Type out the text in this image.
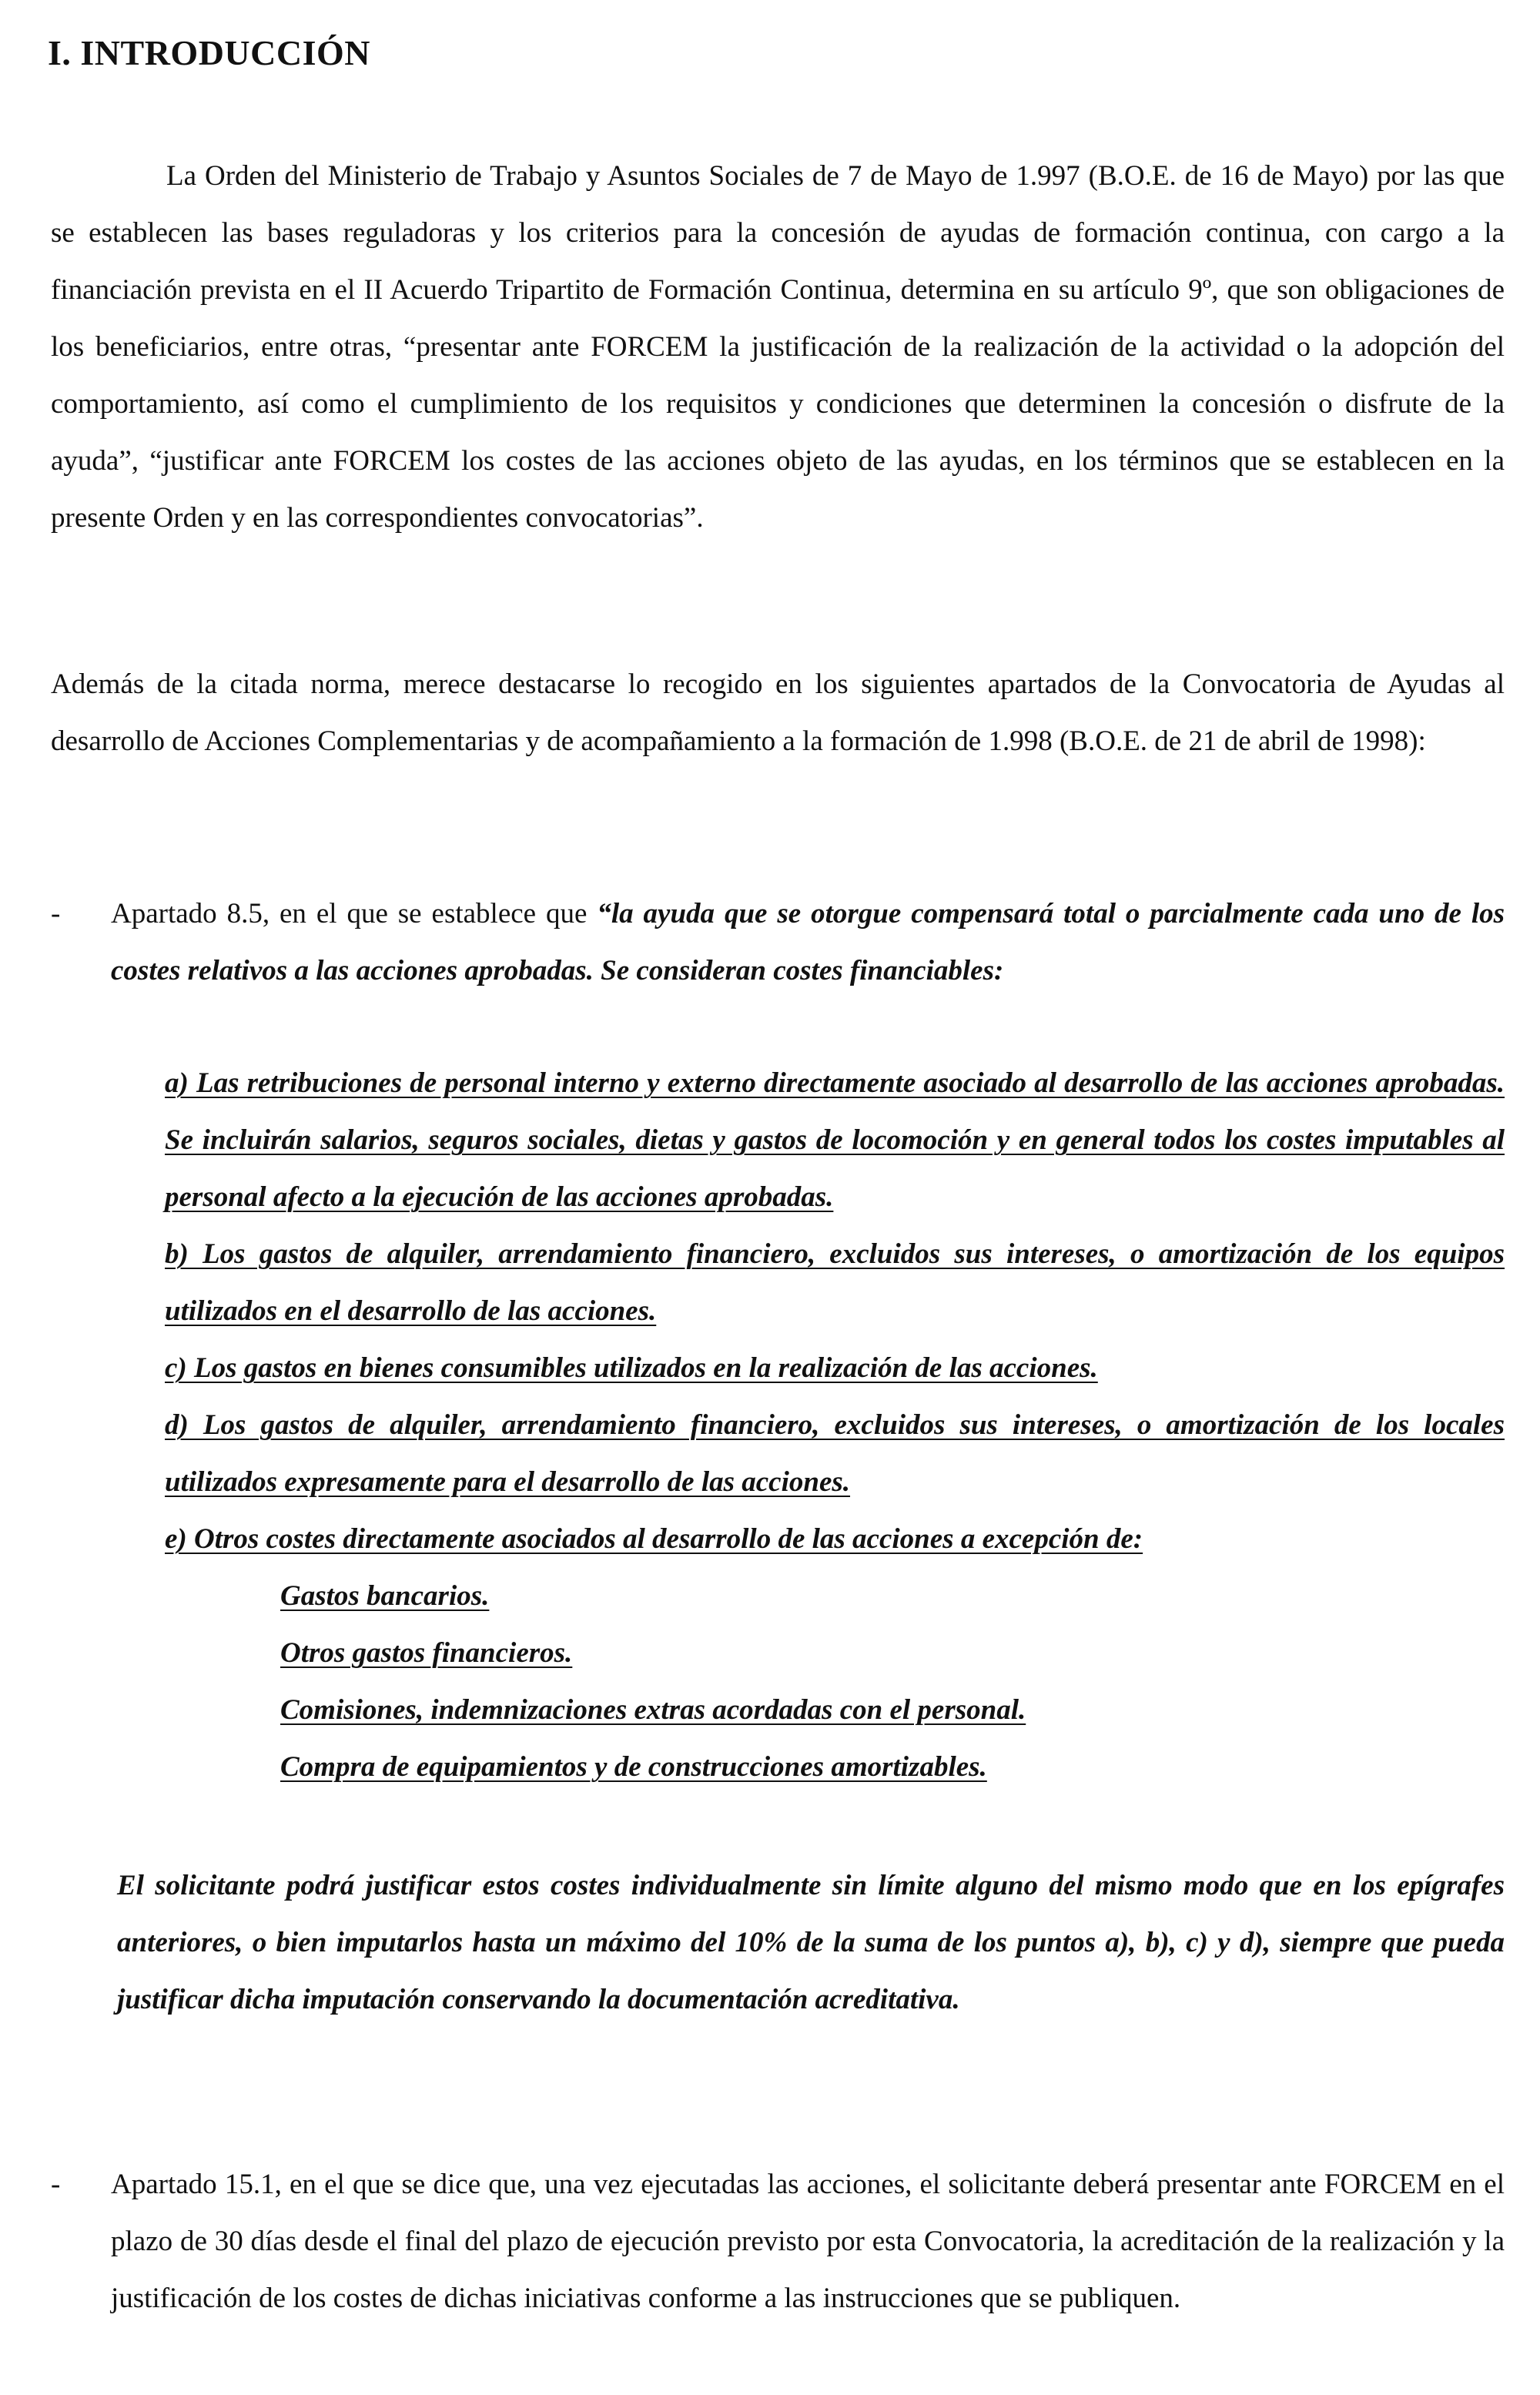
I. INTRODUCCIÓN

La Orden del Ministerio de Trabajo y Asuntos Sociales de 7 de Mayo de 1.997 (B.O.E. de 16 de Mayo) por las que se establecen las bases reguladoras y los criterios para la concesión de ayudas de formación continua, con cargo a la financiación prevista en el II Acuerdo Tripartito de Formación Continua, determina en su artículo 9º, que son obligaciones de los beneficiarios, entre otras, “presentar ante FORCEM la justificación de la realización de la actividad o la adopción del comportamiento, así como el cumplimiento de los requisitos y condiciones que determinen la concesión o disfrute de la ayuda”, “justificar ante FORCEM los costes de las acciones objeto de las ayudas, en los términos que se establecen en la presente Orden y en las correspondientes convocatorias”.

Además de la citada norma, merece destacarse lo recogido en los siguientes apartados de la Convocatoria de Ayudas al desarrollo de Acciones Complementarias y de acompañamiento a la formación de 1.998 (B.O.E. de 21 de abril de 1998):

- Apartado 8.5, en el que se establece que “la ayuda que se otorgue compensará total o parcialmente cada uno de los costes relativos a las acciones aprobadas. Se consideran costes financiables:

a) Las retribuciones de personal interno y externo directamente asociado al desarrollo de las acciones aprobadas. Se incluirán salarios, seguros sociales, dietas y gastos de locomoción y en general todos los costes imputables al personal afecto a la ejecución de las acciones aprobadas.

b) Los gastos de alquiler, arrendamiento financiero, excluidos sus intereses, o amortización de los equipos utilizados en el desarrollo de las acciones.

c) Los gastos en bienes consumibles utilizados en la realización de las acciones.

d) Los gastos de alquiler, arrendamiento financiero, excluidos sus intereses, o amortización de los locales utilizados expresamente para el desarrollo de las acciones.

e) Otros costes directamente asociados al desarrollo de las acciones a excepción de:

Gastos bancarios.
Otros gastos financieros.
Comisiones, indemnizaciones extras acordadas con el personal.
Compra de equipamientos y de construcciones amortizables.

El solicitante podrá justificar estos costes individualmente sin límite alguno del mismo modo que en los epígrafes anteriores, o bien imputarlos hasta un máximo del 10% de la suma de los puntos a), b), c) y d), siempre que pueda justificar dicha imputación conservando la documentación acreditativa.

- Apartado 15.1, en el que se dice que, una vez ejecutadas las acciones, el solicitante deberá presentar ante FORCEM en el plazo de 30 días desde el final del plazo de ejecución previsto por esta Convocatoria, la acreditación de la realización y la justificación de los costes de dichas iniciativas conforme a las instrucciones que se publiquen.
